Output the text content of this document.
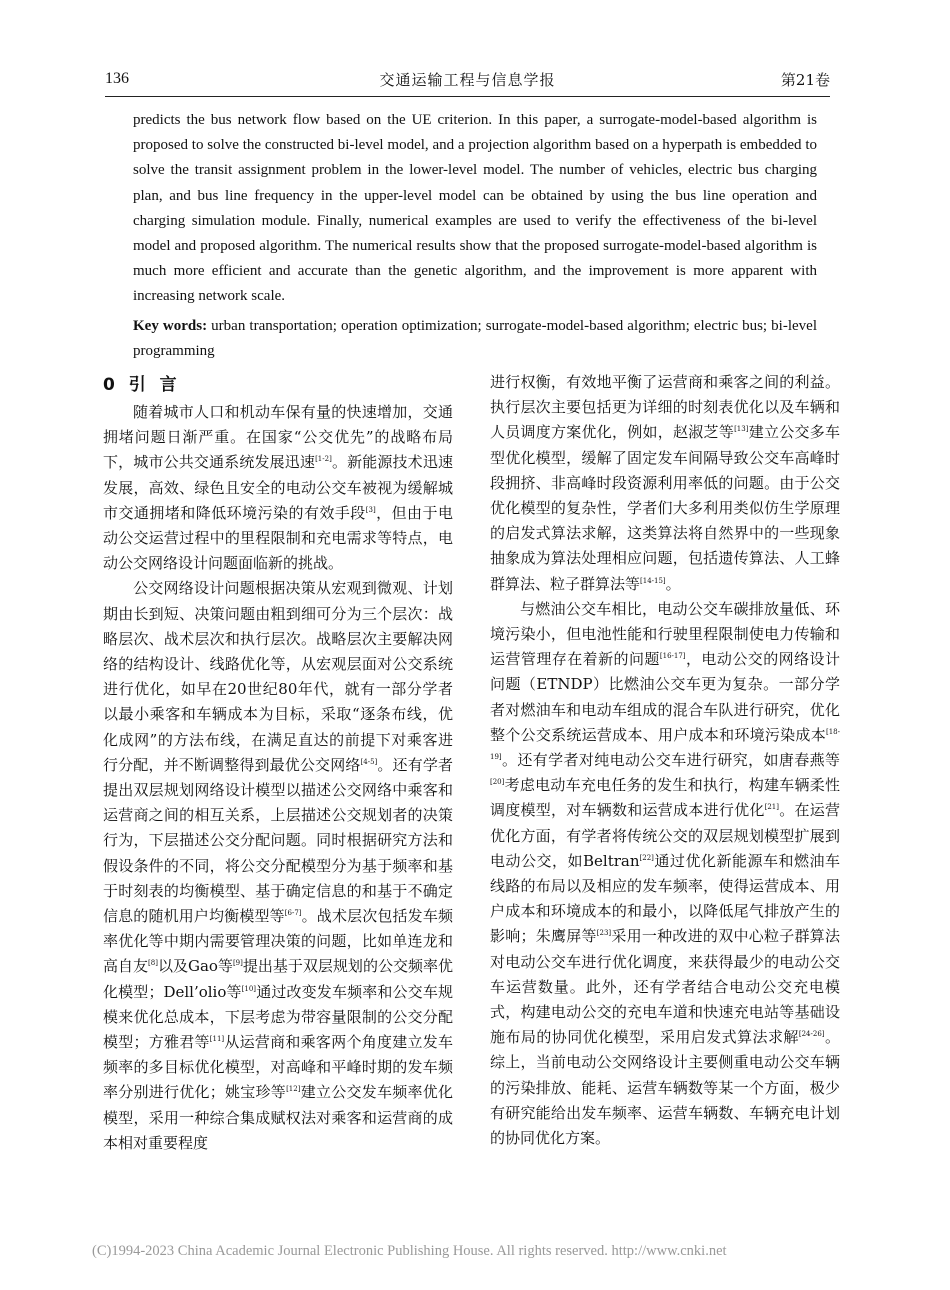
136	交通运输工程与信息学报	第21卷

predicts the bus network flow based on the UE criterion. In this paper, a surrogate-model-based algorithm is proposed to solve the constructed bi-level model, and a projection algorithm based on a hyperpath is embedded to solve the transit assignment problem in the lower-level model. The number of vehicles, electric bus charging plan, and bus line frequency in the upper-level model can be obtained by using the bus line operation and charging simulation module. Finally, numerical examples are used to verify the effectiveness of the bi-level model and proposed algorithm. The numerical results show that the proposed surrogate-model-based algorithm is much more efficient and accurate than the genetic algorithm, and the improvement is more apparent with increasing network scale.

Key words: urban transportation; operation optimization; surrogate-model-based algorithm; electric bus; bi-level programming

0 引 言

随着城市人口和机动车保有量的快速增加，交通拥堵问题日渐严重。在国家“公交优先”的战略布局下，城市公共交通系统发展迅速[1-2]。新能源技术迅速发展，高效、绿色且安全的电动公交车被视为缓解城市交通拥堵和降低环境污染的有效手段[3]，但由于电动公交运营过程中的里程限制和充电需求等特点，电动公交网络设计问题面临新的挑战。

公交网络设计问题根据决策从宏观到微观、计划期由长到短、决策问题由粗到细可分为三个层次：战略层次、战术层次和执行层次。战略层次主要解决网络的结构设计、线路优化等，从宏观层面对公交系统进行优化，如早在20世纪80年代，就有一部分学者以最小乘客和车辆成本为目标，采取“逐条布线，优化成网”的方法布线，在满足直达的前提下对乘客进行分配，并不断调整得到最优公交网络[4-5]。还有学者提出双层规划网络设计模型以描述公交网络中乘客和运营商之间的相互关系，上层描述公交规划者的决策行为，下层描述公交分配问题。同时根据研究方法和假设条件的不同，将公交分配模型分为基于频率和基于时刻表的均衡模型、基于确定信息的和基于不确定信息的随机用户均衡模型等[6-7]。战术层次包括发车频率优化等中期内需要管理决策的问题，比如单连龙和高自友[8]以及Gao等[9]提出基于双层规划的公交频率优化模型；Dell’olio等[10]通过改变发车频率和公交车规模来优化总成本，下层考虑为带容量限制的公交分配模型；方雅君等[11]从运营商和乘客两个角度建立发车频率的多目标优化模型，对高峰和平峰时期的发车频率分别进行优化；姚宝珍等[12]建立公交发车频率优化模型，采用一种综合集成赋权法对乘客和运营商的成本相对重要程度

进行权衡，有效地平衡了运营商和乘客之间的利益。执行层次主要包括更为详细的时刻表优化以及车辆和人员调度方案优化，例如，赵淑芝等[13]建立公交多车型优化模型，缓解了固定发车间隔导致公交车高峰时段拥挤、非高峰时段资源利用率低的问题。由于公交优化模型的复杂性，学者们大多利用类似仿生学原理的启发式算法求解，这类算法将自然界中的一些现象抽象成为算法处理相应问题，包括遗传算法、人工蜂群算法、粒子群算法等[14-15]。

与燃油公交车相比，电动公交车碳排放量低、环境污染小，但电池性能和行驶里程限制使电力传输和运营管理存在着新的问题[16-17]，电动公交的网络设计问题（ETNDP）比燃油公交车更为复杂。一部分学者对燃油车和电动车组成的混合车队进行研究，优化整个公交系统运营成本、用户成本和环境污染成本[18-19]。还有学者对纯电动公交车进行研究，如唐春燕等[20]考虑电动车充电任务的发生和执行，构建车辆柔性调度模型，对车辆数和运营成本进行优化[21]。在运营优化方面，有学者将传统公交的双层规划模型扩展到电动公交，如Beltran[22]通过优化新能源车和燃油车线路的布局以及相应的发车频率，使得运营成本、用户成本和环境成本的和最小，以降低尾气排放产生的影响；朱鹰屏等[23]采用一种改进的双中心粒子群算法对电动公交车进行优化调度，来获得最少的电动公交车运营数量。此外，还有学者结合电动公交充电模式，构建电动公交的充电车道和快速充电站等基础设施布局的协同优化模型，采用启发式算法求解[24-26]。综上，当前电动公交网络设计主要侧重电动公交车辆的污染排放、能耗、运营车辆数等某一个方面，极少有研究能给出发车频率、运营车辆数、车辆充电计划的协同优化方案。

(C)1994-2023 China Academic Journal Electronic Publishing House. All rights reserved. http://www.cnki.net
